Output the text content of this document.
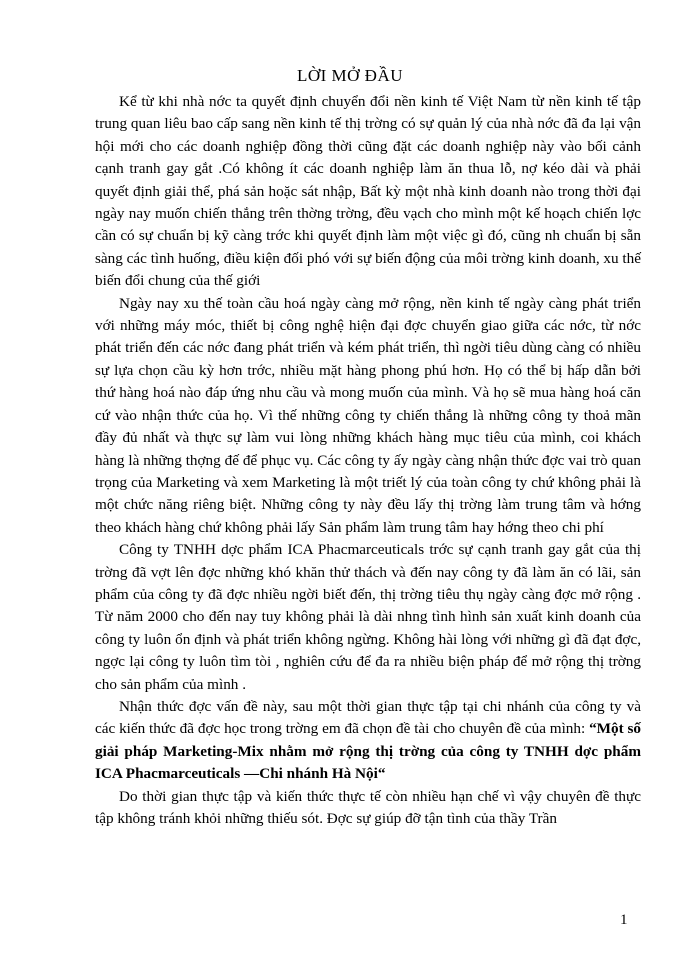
LỜI MỞ ĐẦU

Kể từ khi nhà nớc ta quyết định chuyển đổi nền kinh tế Việt Nam từ nền kinh tế tập trung quan liêu bao cấp sang nền kinh tế thị trờng có sự quản lý của nhà nớc đã đa lại vận hội mới cho các doanh nghiệp đồng thời cũng đặt các doanh nghiệp này vào bối cảnh cạnh tranh gay gắt .Có không ít các doanh nghiệp làm ăn thua lỗ, nợ kéo dài và phải quyết định giải thể, phá sản hoặc sát nhập, Bất kỳ một nhà kinh doanh nào trong thời đại ngày nay muốn chiến thắng trên thờng trờng, đều vạch cho mình một kế hoạch chiến lợc cần có sự chuẩn bị kỹ càng trớc khi quyết định làm một việc gì đó, cũng nh chuẩn bị sẵn sàng các tình huống, điều kiện đối phó với sự biến động của môi trờng kinh doanh, xu thế biến đổi chung của thế giới

Ngày nay xu thế toàn cầu hoá ngày càng mở rộng, nền kinh tế ngày càng phát triển với những máy móc, thiết bị công nghệ hiện đại đợc chuyển giao giữa các nớc, từ nớc phát triển đến các nớc đang phát triển và kém phát triển, thì ngời tiêu dùng càng có nhiều sự lựa chọn cầu kỳ hơn trớc, nhiều mặt hàng phong phú hơn. Họ có thể bị hấp dẫn bởi thứ hàng hoá nào đáp ứng nhu cầu và mong muốn của mình. Và họ sẽ mua hàng hoá căn cứ vào nhận thức của họ. Vì thế những công ty chiến thắng là những công ty thoả mãn đầy đủ nhất và thực sự làm vui lòng những khách hàng mục tiêu của mình, coi khách hàng là những thợng đế để phục vụ. Các công ty ấy ngày càng nhận thức đợc vai trò quan trọng của Marketing và xem Marketing là một triết lý của toàn công ty chứ không phải là một chức năng riêng biệt. Những công ty này đều lấy thị trờng làm trung tâm và hớng theo khách hàng chứ không phải lấy Sản phẩm làm trung tâm hay hớng theo chi phí

Công ty TNHH dợc phẩm ICA Phacmarceuticals trớc sự cạnh tranh gay gắt của thị trờng đã vợt lên đợc những khó khăn thử thách và đến nay công ty đã làm ăn có lãi, sản phẩm của công ty đã đợc nhiều ngời biết đến, thị trờng tiêu thụ ngày càng đợc mở rộng . Từ năm 2000 cho đến nay tuy không phải là dài nhng tình hình sản xuất kinh doanh của công ty luôn ổn định và phát triển không ngừng. Không hài lòng với những gì đã đạt đợc, ngợc lại công ty luôn tìm tòi , nghiên cứu để đa ra nhiều biện pháp để mở rộng thị trờng cho sản phẩm của mình .

Nhận thức đợc vấn đề này, sau một thời gian thực tập tại chi nhánh của công ty và các kiến thức đã đợc học trong trờng em đã chọn đề tài cho chuyên đề của mình: “Một số giải pháp Marketing-Mix nhằm mở rộng thị trờng của công ty TNHH dợc phẩm ICA Phacmarceuticals —Chi nhánh Hà Nội“

Do thời gian thực tập và kiến thức thực tế còn nhiều hạn chế vì vậy chuyên đề thực tập không tránh khỏi những thiếu sót. Đợc sự giúp đỡ tận tình của thầy Trần

1
